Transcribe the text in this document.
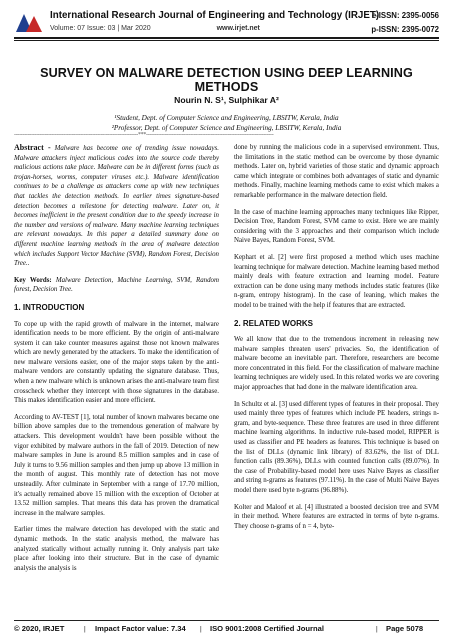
International Research Journal of Engineering and Technology (IRJET)
Volume: 07 Issue: 03 | Mar 2020	www.irjet.net
e-ISSN: 2395-0056
p-ISSN: 2395-0072
SURVEY ON MALWARE DETECTION USING DEEP LEARNING METHODS
Nourin N. S¹, Sulphikar A²
¹Student, Dept. of Computer Science and Engineering, LBSITW, Kerala, India
²Professor, Dept. of Computer Science and Engineering, LBSITW, Kerala, India
-------------------------------------------------------------------------***---------------------------------------------------------------------------

Abstract - Malware has become one of trending issue nowadays. Malware attackers inject malicious codes into the source code thereby malicious actions take place. Malware can be in different forms (such as trojan-horses, worms, computer viruses etc.). Malware identification continues to be a challenge as attackers come up with new techniques that tackles the detection methods. In earlier times signature-based detection becomes a milestone for detecting malware. Later on, it becomes inefficient in the present condition due to the speedy increase in the number and versions of malware. Many machine learning techniques are relevant nowadays. In this paper a detailed summary done on different machine learning methods in the area of malware detection which includes Support Vector Machine (SVM), Random Forest, Decision Tree..

Key Words: Malware Detection, Machine Learning, SVM, Random forest, Decision Tree.

1. INTRODUCTION

To cope up with the rapid growth of malware in the internet, malware identification needs to be more efficient. By the origin of anti-malware system it can take counter measures against those not known malwares which are newly generated by the attackers. To make the identification of new malware versions easier, one of the major steps taken by the anti-malware vendors are constantly updating the signature database. Thus, when a new malware which is unknown arises the anti-malware team first crosscheck whether they intercept with those signatures in the database. This makes identification easier and more efficient.

According to AV-TEST [1], total number of known malwares became one billion above samples due to the tremendous generation of malware by attackers. This development wouldn't have been possible without the vigor exhibited by malware authors in the fall of 2019. Detection of new malware samples in June is around 8.5 million samples and in case of July it turns to 9.56 million samples and then jump up above 13 million in the month of august. This monthly rate of detection has not move unsteadily. After culminate in September with a range of 17.70 million, it's actually remained above 15 million with the exception of October at 13.52 million samples. That means this data has proven the dramatical increase in the malware samples.

Earlier times the malware detection has developed with the static and dynamic methods. In the static analysis method, the malware has analyzed statically without actually running it. Only analysis part take place after looking into their structure. But in the case of dynamic analysis the analysis is

done by running the malicious code in a supervised environment. Thus, the limitations in the static method can be overcome by those dynamic methods. Later on, hybrid varieties of those static and dynamic approach came which integrate or combines both advantages of static and dynamic methods. Finally, machine learning methods came to exist which makes a remarkable performance in the malware detection field.

In the case of machine learning approaches many techniques like Ripper, Decision Tree, Random Forest, SVM came to exist. Here we are mainly considering with the 3 approaches and their comparison which include Naive Bayes, Random Forest, SVM.

Kephart et al. [2] were first proposed a method which uses machine learning technique for malware detection. Machine learning based method mainly deals with feature extraction and learning model. Feature extraction can be done using many methods includes static features (like n-gram, entropy histogram). In the case of leaning, which makes the model to be trained with the help if features that are extracted.

2. RELATED WORKS

We all know that due to the tremendous increment in releasing new malware samples threaten users' privacies. So, the identification of malware become an inevitable part. Therefore, researchers are become more concentrated in this field. For the classification of malware machine learning techniques are widely used. In this related works we are covering major approaches that had done in the malware identification area.

In Schultz et al. [3] used different types of features in their proposal. They used mainly three types of features which include PE headers, strings n-gram, and byte-sequence. These three features are used in three different machine learning algorithms. In inductive rule-based model, RIPPER is used as classifier and PE headers as features. This technique is based on the list of DLLs (dynamic link library) of 83.62%, the list of DLL function calls (89.36%), DLLs with counted function calls (89.07%). In the case of Probability-based model here uses Naive Bayes as classifier and string n-grams as features (97.11%). In the case of Multi Naive Bayes model there used byte n-grams (96.88%).

Kolter and Maloof et al. [4] illustrated a boosted decision tree and SVM in their method. Where features are extracted in terms of byte n-grams. They choose n-grams of n = 4, byte-

© 2020, IRJET	| Impact Factor value: 7.34 | ISO 9001:2008 Certified Journal	| Page 5078
